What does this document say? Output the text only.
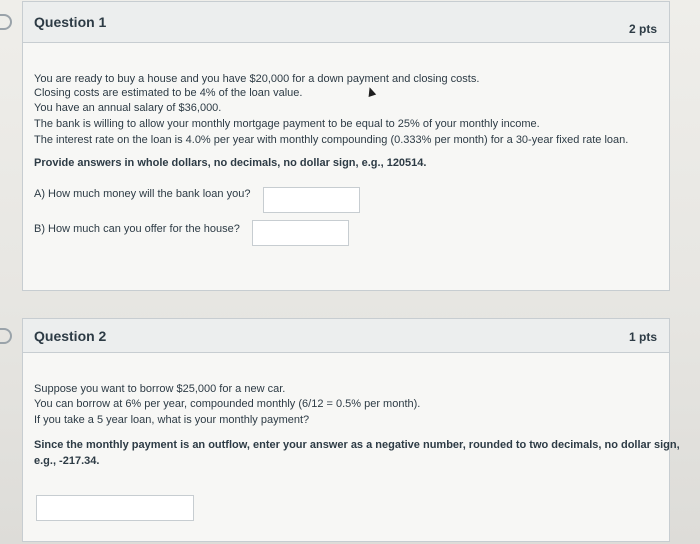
Question 1	2 pts
You are ready to buy a house and you have $20,000 for a down payment and closing costs.
Closing costs are estimated to be 4% of the loan value.
You have an annual salary of $36,000.
The bank is willing to allow your monthly mortgage payment to be equal to 25% of your monthly income.
The interest rate on the loan is 4.0% per year with monthly compounding (0.333% per month) for a 30-year fixed rate loan.
Provide answers in whole dollars, no decimals, no dollar sign, e.g., 120514.
A) How much money will the bank loan you?
B) How much can you offer for the house?
Question 2	1 pts
Suppose you want to borrow $25,000 for a new car.
You can borrow at 6% per year, compounded monthly (6/12 = 0.5% per month).
If you take a 5 year loan, what is your monthly payment?
Since the monthly payment is an outflow, enter your answer as a negative number, rounded to two decimals, no dollar sign,
e.g., -217.34.
